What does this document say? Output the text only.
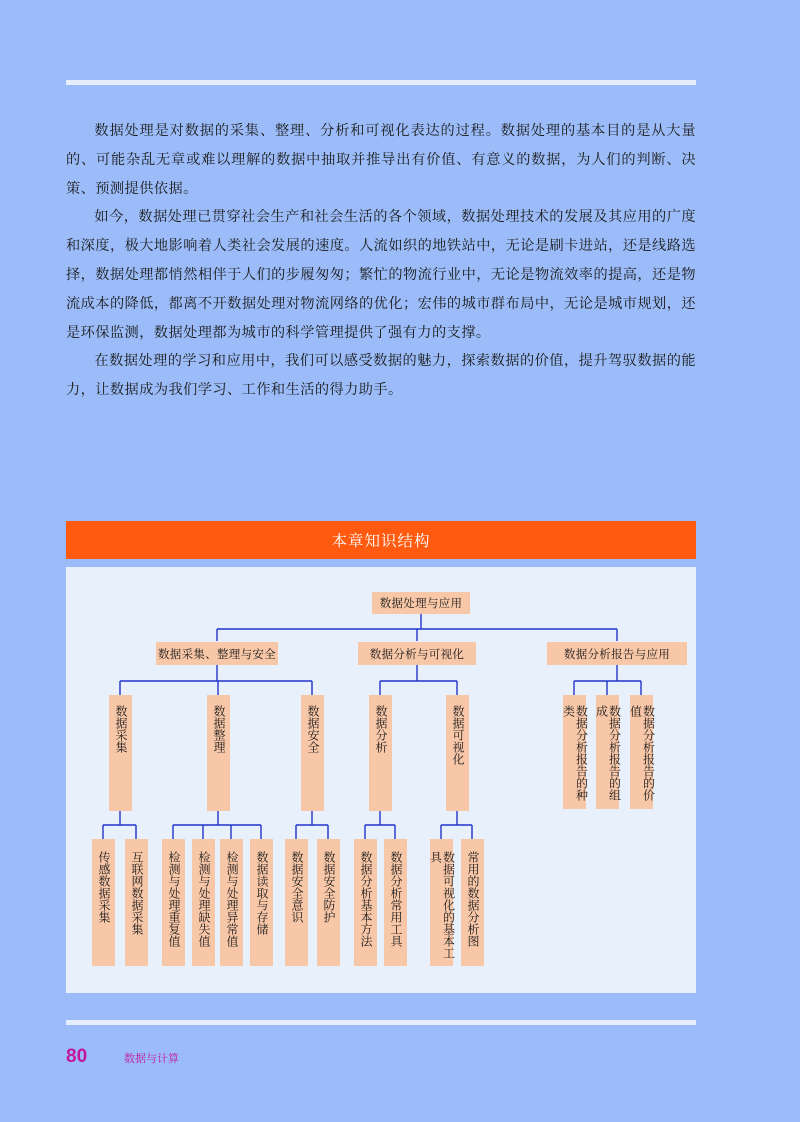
数据处理是对数据的采集、整理、分析和可视化表达的过程。数据处理的基本目的是从大量的、可能杂乱无章或难以理解的数据中抽取并推导出有价值、有意义的数据，为人们的判断、决策、预测提供依据。

如今，数据处理已贯穿社会生产和社会生活的各个领域，数据处理技术的发展及其应用的广度和深度，极大地影响着人类社会发展的速度。人流如织的地铁站中，无论是刷卡进站，还是线路选择，数据处理都悄然相伴于人们的步履匆匆；繁忙的物流行业中，无论是物流效率的提高，还是物流成本的降低，都离不开数据处理对物流网络的优化；宏伟的城市群布局中，无论是城市规划，还是环保监测，数据处理都为城市的科学管理提供了强有力的支撑。

在数据处理的学习和应用中，我们可以感受数据的魅力，探索数据的价值，提升驾驭数据的能力，让数据成为我们学习、工作和生活的得力助手。

本章知识结构
数据处理与应用
数据采集、整理与安全	数据分析与可视化	数据分析报告与应用
数据采集	数据整理	数据安全	数据分析	数据可视化	数据分析报告的种类	数据分析报告的组成	数据分析报告的价值
传感数据采集	互联网数据采集	检测与处理重复值	检测与处理缺失值	检测与处理异常值	数据读取与存储	数据安全意识	数据安全防护	数据分析基本方法	数据分析常用工具	数据可视化的基本工具	常用的数据分析图
80	数据与计算
